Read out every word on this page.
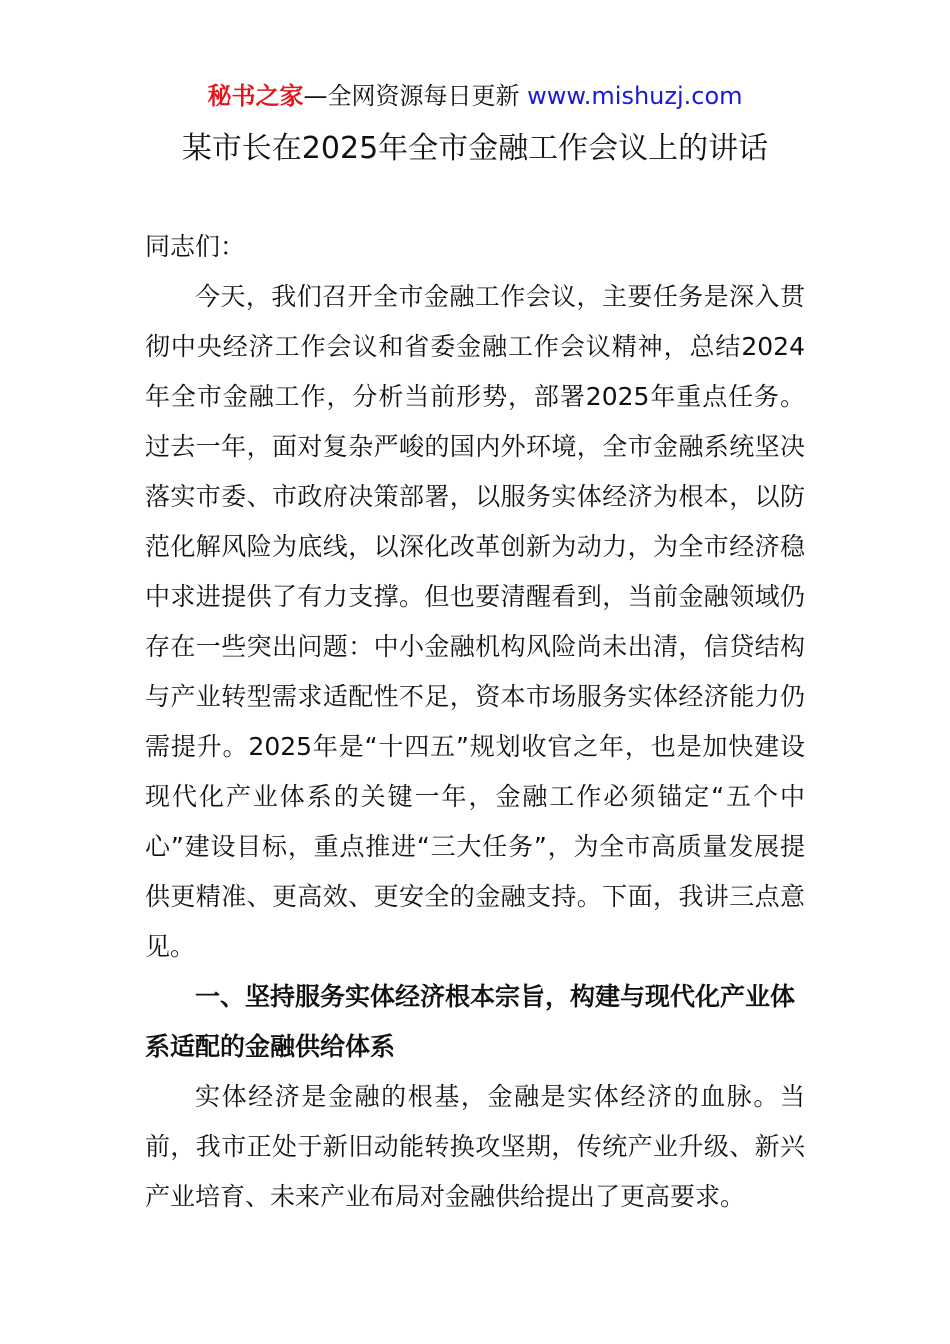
秘书之家—全网资源每日更新 www.mishuzj.com
某市长在2025年全市金融工作会议上的讲话

同志们：

今天，我们召开全市金融工作会议，主要任务是深入贯彻中央经济工作会议和省委金融工作会议精神，总结2024年全市金融工作，分析当前形势，部署2025年重点任务。过去一年，面对复杂严峻的国内外环境，全市金融系统坚决落实市委、市政府决策部署，以服务实体经济为根本，以防范化解风险为底线，以深化改革创新为动力，为全市经济稳中求进提供了有力支撑。但也要清醒看到，当前金融领域仍存在一些突出问题：中小金融机构风险尚未出清，信贷结构与产业转型需求适配性不足，资本市场服务实体经济能力仍需提升。2025年是“十四五”规划收官之年，也是加快建设现代化产业体系的关键一年，金融工作必须锚定“五个中心”建设目标，重点推进“三大任务”，为全市高质量发展提供更精准、更高效、更安全的金融支持。下面，我讲三点意见。

一、坚持服务实体经济根本宗旨，构建与现代化产业体系适配的金融供给体系

实体经济是金融的根基，金融是实体经济的血脉。当前，我市正处于新旧动能转换攻坚期，传统产业升级、新兴产业培育、未来产业布局对金融供给提出了更高要求。
